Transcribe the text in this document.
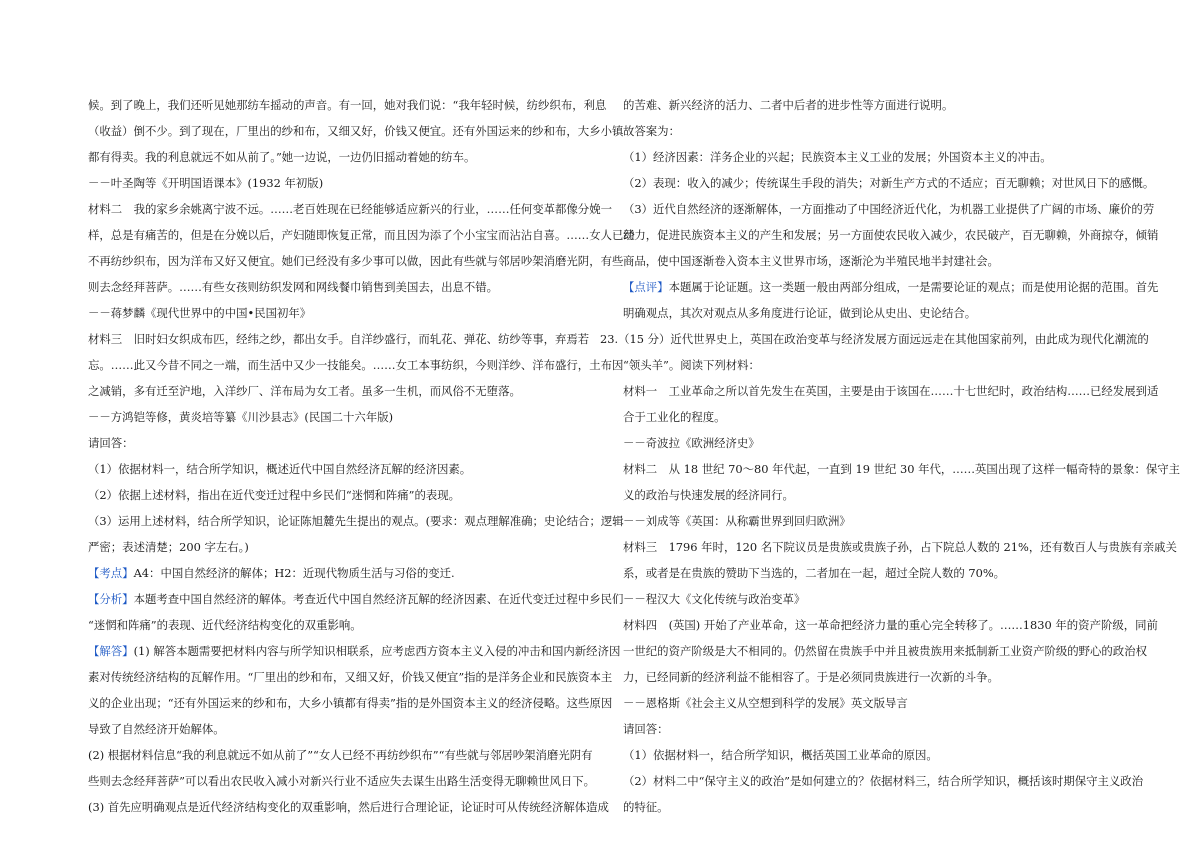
候。到了晚上，我们还听见她那纺车摇动的声音。有一回，她对我们说：“我年轻时候，纺纱织布，利息
（收益）倒不少。到了现在，厂里出的纱和布，又细又好，价钱又便宜。还有外国运来的纱和布，大乡小镇
都有得卖。我的利息就远不如从前了。”她一边说，一边仍旧摇动着她的纺车。
－－叶圣陶等《开明国语课本》(1932 年初版)
材料二　我的家乡余姚离宁波不远。……老百姓现在已经能够适应新兴的行业，……任何变革都像分娩一
样，总是有痛苦的，但是在分娩以后，产妇随即恢复正常，而且因为添了个小宝宝而沾沾自喜。……女人已经
不再纺纱织布，因为洋布又好又便宜。她们已经没有多少事可以做，因此有些就与邻居吵架消磨光阴，有些
则去念经拜菩萨。……有些女孩则纺织发网和网线餐巾销售到美国去，出息不错。
－－蒋梦麟《现代世界中的中国•民国初年》
材料三　旧时妇女织成布匹，经纬之纱，都出女手。自洋纱盛行，而轧花、弹花、纺纱等事，弃焉若
忘。……此又今昔不同之一端，而生活中又少一技能矣。……女工本事纺织，今则洋纱、洋布盛行，土布因
之减销，多有迁至沪地，入洋纱厂、洋布局为女工者。虽多一生机，而风俗不无堕落。
－－方鸿铠等修，黄炎培等纂《川沙县志》(民国二十六年版)
请回答：
（1）依据材料一，结合所学知识，概述近代中国自然经济瓦解的经济因素。
（2）依据上述材料，指出在近代变迁过程中乡民们“迷惘和阵痛”的表现。
（3）运用上述材料，结合所学知识，论证陈旭麓先生提出的观点。(要求：观点理解准确；史论结合；逻辑
严密；表述清楚；200 字左右。)
【考点】A4：中国自然经济的解体；H2：近现代物质生活与习俗的变迁.
【分析】本题考查中国自然经济的解体。考查近代中国自然经济瓦解的经济因素、在近代变迁过程中乡民们
“迷惘和阵痛”的表现、近代经济结构变化的双重影响。
【解答】(1) 解答本题需要把材料内容与所学知识相联系，应考虑西方资本主义入侵的冲击和国内新经济因
素对传统经济结构的瓦解作用。“厂里出的纱和布，又细又好，价钱又便宜”指的是洋务企业和民族资本主
义的企业出现；“还有外国运来的纱和布，大乡小镇都有得卖”指的是外国资本主义的经济侵略。这些原因
导致了自然经济开始解体。
(2) 根据材料信息“我的利息就远不如从前了”“女人已经不再纺纱织布”“有些就与邻居吵架消磨光阴有
些则去念经拜菩萨”可以看出农民收入减小对新兴行业不适应失去谋生出路生活变得无聊赖世风日下。
(3) 首先应明确观点是近代经济结构变化的双重影响，然后进行合理论证，论证时可从传统经济解体造成
的苦难、新兴经济的活力、二者中后者的进步性等方面进行说明。
故答案为：
（1）经济因素：洋务企业的兴起；民族资本主义工业的发展；外国资本主义的冲击。
（2）表现：收入的减少；传统谋生手段的消失；对新生产方式的不适应；百无聊赖；对世风日下的感慨。
（3）近代自然经济的逐渐解体，一方面推动了中国经济近代化，为机器工业提供了广阔的市场、廉价的劳
动力，促进民族资本主义的产生和发展；另一方面使农民收入减少，农民破产，百无聊赖，外商掠夺，倾销
商品，使中国逐渐卷入资本主义世界市场，逐渐沦为半殖民地半封建社会。
【点评】本题属于论证题。这一类题一般由两部分组成，一是需要论证的观点；而是使用论据的范围。首先
明确观点，其次对观点从多角度进行论证，做到论从史出、史论结合。
23.（15 分）近代世界史上，英国在政治变革与经济发展方面远远走在其他国家前列，由此成为现代化潮流的
“领头羊”。阅读下列材料：
材料一　工业革命之所以首先发生在英国，主要是由于该国在……十七世纪时，政治结构……已经发展到适
合于工业化的程度。
－－奇波拉《欧洲经济史》
材料二　从 18 世纪 70～80 年代起，一直到 19 世纪 30 年代，……英国出现了这样一幅奇特的景象：保守主
义的政治与快速发展的经济同行。
－－刘成等《英国：从称霸世界到回归欧洲》
材料三　1796 年时，120 名下院议员是贵族或贵族子孙，占下院总人数的 21%，还有数百人与贵族有亲戚关
系，或者是在贵族的赞助下当选的，二者加在一起，超过全院人数的 70%。
－－程汉大《文化传统与政治变革》
材料四　(英国) 开始了产业革命，这一革命把经济力量的重心完全转移了。……1830 年的资产阶级，同前
一世纪的资产阶级是大不相同的。仍然留在贵族手中并且被贵族用来抵制新工业资产阶级的野心的政治权
力，已经同新的经济利益不能相容了。于是必须同贵族进行一次新的斗争。
－－恩格斯《社会主义从空想到科学的发展》英文版导言
请回答：
（1）依据材料一，结合所学知识，概括英国工业革命的原因。
（2）材料二中“保守主义的政治”是如何建立的？依据材料三，结合所学知识，概括该时期保守主义政治
的特征。
